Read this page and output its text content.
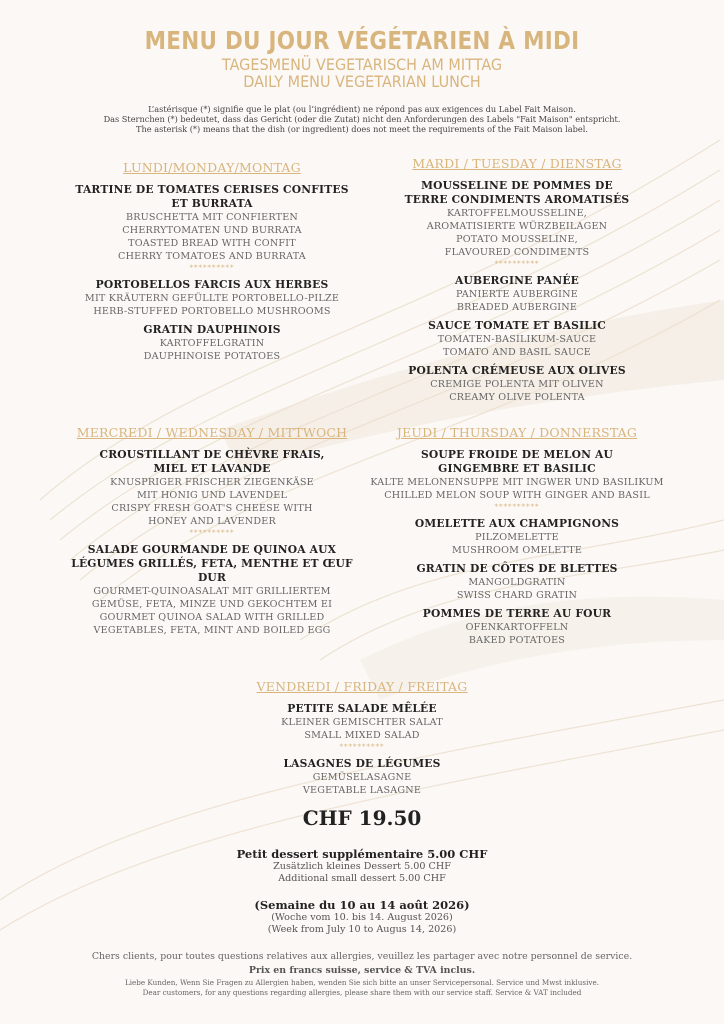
MENU DU JOUR VÉGÉTARIEN À MIDI
TAGESMENÜ VEGETARISCH AM MITTAG
DAILY MENU VEGETARIAN LUNCH
L’astérisque (*) signifie que le plat (ou l’ingrédient) ne répond pas aux exigences du Label Fait Maison.
Das Sternchen (*) bedeutet, dass das Gericht (oder die Zutat) nicht den Anforderungen des Labels "Fait Maison" entspricht.
The asterisk (*) means that the dish (or ingredient) does not meet the requirements of the Fait Maison label.
LUNDI/MONDAY/MONTAG
TARTINE DE TOMATES CERISES CONFITES ET BURRATA
BRUSCHETTA MIT CONFIERTEN CHERRYTOMATEN UND BURRATA
TOASTED BREAD WITH CONFIT CHERRY TOMATOES AND BURRATA
**********
PORTOBELLOS FARCIS AUX HERBES
MIT KRÄUTERN GEFÜLLTE PORTOBELLO-PILZE
HERB-STUFFED PORTOBELLO MUSHROOMS
GRATIN DAUPHINOIS
KARTOFFELGRATIN
DAUPHINOISE POTATOES
MARDI / TUESDAY / DIENSTAG
MOUSSELINE DE POMMES DE TERRE CONDIMENTS AROMATISÉS
KARTOFFELMOUSSELINE, AROMATISIERTE WÜRZBEILAGEN
POTATO MOUSSELINE, FLAVOURED CONDIMENTS
**********
AUBERGINE PANÉE
PANIERTE AUBERGINE
BREADED AUBERGINE
SAUCE TOMATE ET BASILIC
TOMATEN-BASILIKUM-SAUCE
TOMATO AND BASIL SAUCE
POLENTA CRÉMEUSE AUX OLIVES
CREMIGE POLENTA MIT OLIVEN
CREAMY OLIVE POLENTA
MERCREDI / WEDNESDAY / MITTWOCH
CROUSTILLANT DE CHÈVRE FRAIS, MIEL ET LAVANDE
KNUSPRIGER FRISCHER ZIEGENKÄSE MIT HONIG UND LAVENDEL
CRISPY FRESH GOAT'S CHEESE WITH HONEY AND LAVENDER
**********
SALADE GOURMANDE DE QUINOA AUX LÉGUMES GRILLÉS, FETA, MENTHE ET ŒUF DUR
GOURMET-QUINOASALAT MIT GRILLIERTEM GEMÜSE, FETA, MINZE UND GEKOCHTEM EI
GOURMET QUINOA SALAD WITH GRILLED VEGETABLES, FETA, MINT AND BOILED EGG
JEUDI / THURSDAY / DONNERSTAG
SOUPE FROIDE DE MELON AU GINGEMBRE ET BASILIC
KALTE MELONENSUPPE MIT INGWER UND BASILIKUM
CHILLED MELON SOUP WITH GINGER AND BASIL
**********
OMELETTE AUX CHAMPIGNONS
PILZOMELETTE
MUSHROOM OMELETTE
GRATIN DE CÔTES DE BLETTES
MANGOLDGRATIN
SWISS CHARD GRATIN
POMMES DE TERRE AU FOUR
OFENKARTOFFELN
BAKED POTATOES
VENDREDI / FRIDAY / FREITAG
PETITE SALADE MÊLÉE
KLEINER GEMISCHTER SALAT
SMALL MIXED SALAD
**********
LASAGNES DE LÉGUMES
GEMÜSELASAGNE
VEGETABLE LASAGNE
CHF 19.50
Petit dessert supplémentaire 5.00 CHF
Zusätzlich kleines Dessert 5.00 CHF
Additional small dessert 5.00 CHF
(Semaine du 10 au 14 août 2026)
(Woche vom 10. bis 14. August 2026)
(Week from July 10 to Augus 14, 2026)
Chers clients, pour toutes questions relatives aux allergies, veuillez les partager avec notre personnel de service.
Prix en francs suisse, service & TVA inclus.
Liebe Kunden, Wenn Sie Fragen zu Allergien haben, wenden Sie sich bitte an unser Servicepersonal. Service und Mwst inklusive.
Dear customers, for any questions regarding allergies, please share them with our service staff. Service & VAT included
